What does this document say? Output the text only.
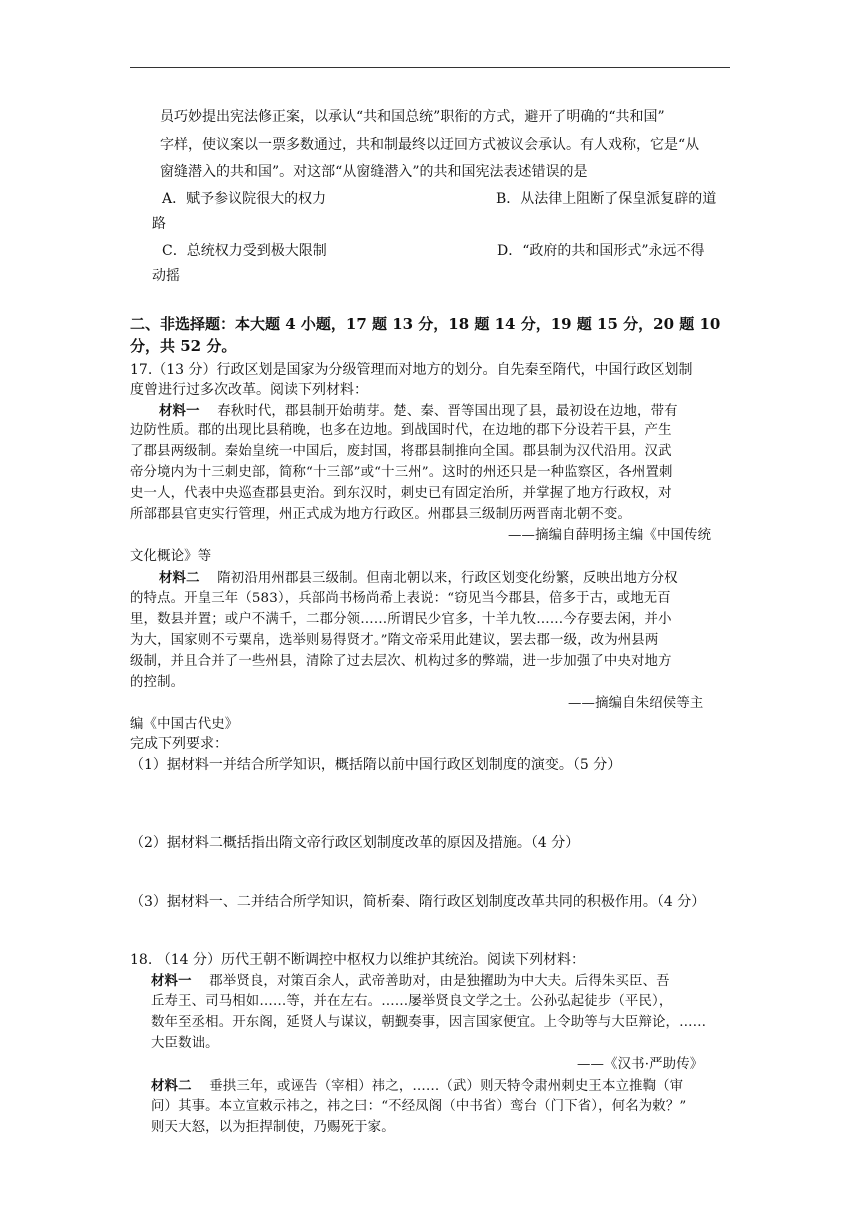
员巧妙提出宪法修正案，以承认“共和国总统”职衔的方式，避开了明确的“共和国”
字样，使议案以一票多数通过，共和制最终以迂回方式被议会承认。有人戏称，它是“从
窗缝潜入的共和国”。对这部“从窗缝潜入”的共和国宪法表述错误的是
A．赋予参议院很大的权力	B．从法律上阻断了保皇派复辟的道
路
C．总统权力受到极大限制	D．“政府的共和国形式”永远不得
动摇
二、非选择题：本大题 4 小题，17 题 13 分，18 题 14 分，19 题 15 分，20 题 10
分，共 52 分。
17.（13 分）行政区划是国家为分级管理而对地方的划分。自先秦至隋代，中国行政区划制
度曾进行过多次改革。阅读下列材料：
材料一 春秋时代，郡县制开始萌芽。楚、秦、晋等国出现了县，最初设在边地，带有
边防性质。郡的出现比县稍晚，也多在边地。到战国时代，在边地的郡下分设若干县，产生
了郡县两级制。秦始皇统一中国后，废封国，将郡县制推向全国。郡县制为汉代沿用。汉武
帝分境内为十三刺史部，简称“十三部”或“十三州”。这时的州还只是一种监察区，各州置刺
史一人，代表中央巡查郡县吏治。到东汉时，刺史已有固定治所，并掌握了地方行政权，对
所部郡县官吏实行管理，州正式成为地方行政区。州郡县三级制历两晋南北朝不变。
——摘编自薛明扬主编《中国传统
文化概论》等
材料二 隋初沿用州郡县三级制。但南北朝以来，行政区划变化纷繁，反映出地方分权
的特点。开皇三年（583），兵部尚书杨尚希上表说：“窃见当今郡县，倍多于古，或地无百
里，数县并置；或户不满千，二郡分领……所谓民少官多，十羊九牧……今存要去闲，并小
为大，国家则不亏粟帛，选举则易得贤才。”隋文帝采用此建议，罢去郡一级，改为州县两
级制，并且合并了一些州县，清除了过去层次、机构过多的弊端，进一步加强了中央对地方
的控制。
——摘编自朱绍侯等主
编《中国古代史》
完成下列要求：
（1）据材料一并结合所学知识，概括隋以前中国行政区划制度的演变。（5 分）
（2）据材料二概括指出隋文帝行政区划制度改革的原因及措施。（4 分）
（3）据材料一、二并结合所学知识，简析秦、隋行政区划制度改革共同的积极作用。（4 分）
18. （14 分）历代王朝不断调控中枢权力以维护其统治。阅读下列材料：
材料一 郡举贤良，对策百余人，武帝善助对，由是独擢助为中大夫。后得朱买臣、吾
丘寿王、司马相如……等，并在左右。……屡举贤良文学之士。公孙弘起徒步（平民），
数年至丞相。开东阁，延贤人与谋议，朝觐奏事，因言国家便宜。上令助等与大臣辩论，……
大臣数诎。
——《汉书·严助传》
材料二 垂拱三年，或诬告（宰相）祎之，……（武）则天特令肃州刺史王本立推鞫（审
问）其事。本立宣敕示祎之，祎之曰：“不经凤阁（中书省）鸾台（门下省），何名为敕？”
则天大怒，以为拒捍制使，乃赐死于家。
